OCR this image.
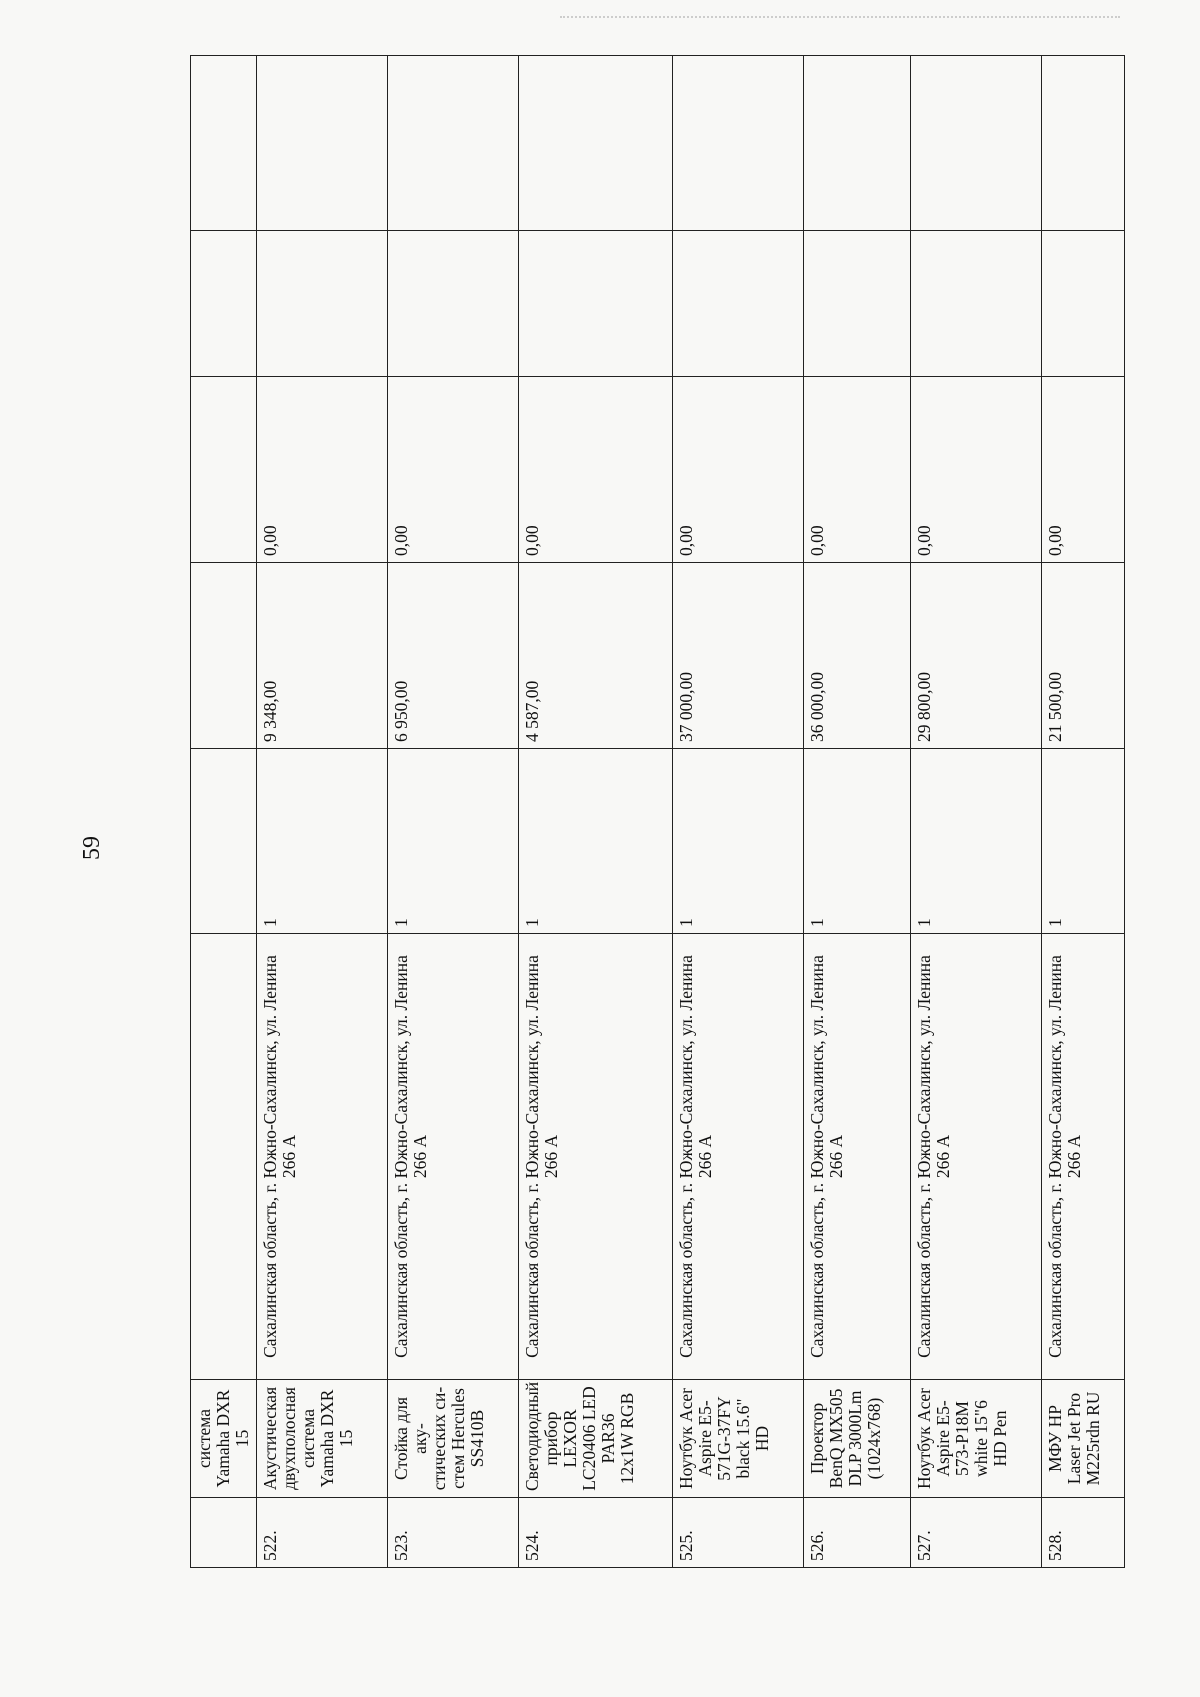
59
	система Yamaha DXR 15						
522.	Акустическая двухполосная система Yamaha DXR 15	Сахалинская область, г. Южно-Сахалинск, ул. Ленина 266 А	1	9 348,00	0,00		
523.	Стойка для аку-стических си-стем Hercules SS410B	Сахалинская область, г. Южно-Сахалинск, ул. Ленина 266 А	1	6 950,00	0,00		
524.	Светодиодный прибор LEXOR LC20406 LED PAR36 12x1W RGB	Сахалинская область, г. Южно-Сахалинск, ул. Ленина 266 А	1	4 587,00	0,00		
525.	Ноутбук Acer Aspire E5-571G-37FY black 15.6" HD	Сахалинская область, г. Южно-Сахалинск, ул. Ленина 266 А	1	37 000,00	0,00		
526.	Проектор BenQ MX505 DLP 3000Lm (1024x768)	Сахалинская область, г. Южно-Сахалинск, ул. Ленина 266 А	1	36 000,00	0,00		
527.	Ноутбук Acer Aspire E5-573-P18M white 15"6 HD Pen	Сахалинская область, г. Южно-Сахалинск, ул. Ленина 266 А	1	29 800,00	0,00		
528.	МФУ HP Laser Jet Pro M225rdn RU	Сахалинская область, г. Южно-Сахалинск, ул. Ленина 266 А	1	21 500,00	0,00		
